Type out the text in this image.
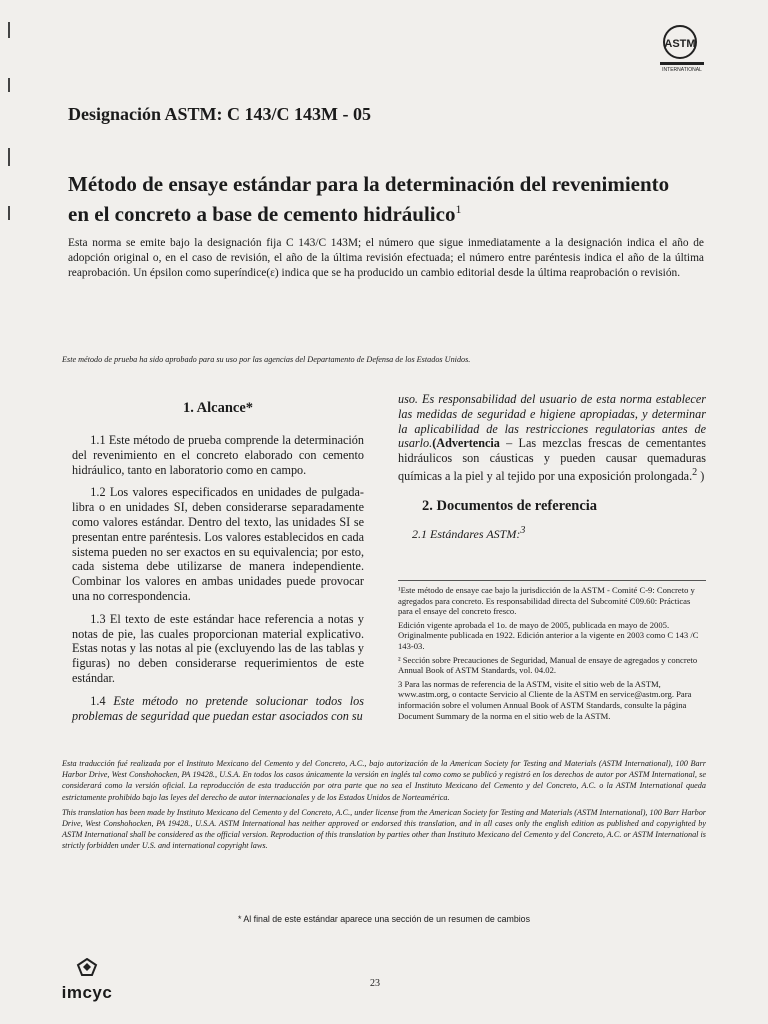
ASTM
INTERNATIONAL
Designación ASTM: C 143/C 143M - 05
Método de ensaye estándar para la determinación del revenimiento en el concreto a base de cemento hidráulico$^1$
Esta norma se emite bajo la designación fija C 143/C 143M; el número que sigue inmediatamente a la designación indica el año de adopción original o, en el caso de revisión, el año de la última revisión efectuada; el número entre paréntesis indica el año de la última reaprobación. Un épsilon como superíndice(ε) indica que se ha producido un cambio editorial desde la última reaprobación o revisión.
Este método de prueba ha sido aprobado para su uso por las agencias del Departamento de Defensa de los Estados Unidos.
1. Alcance*

1.1 Este método de prueba comprende la determinación del revenimiento en el concreto elaborado con cemento hidráulico, tanto en laboratorio como en campo.

1.2 Los valores especificados en unidades de pulgada-libra o en unidades SI, deben considerarse separadamente como valores estándar. Dentro del texto, las unidades SI se presentan entre paréntesis. Los valores establecidos en cada sistema pueden no ser exactos en su equivalencia; por esto, cada sistema debe utilizarse de manera independiente. Combinar los valores en ambas unidades puede provocar una no correspondencia.

1.3 El texto de este estándar hace referencia a notas y notas de pie, las cuales proporcionan material explicativo. Estas notas y las notas al pie (excluyendo las de las tablas y figuras) no deben considerarse requerimientos de este estándar.

1.4 Este método no pretende solucionar todos los problemas de seguridad que puedan estar asociados con su

uso. Es responsabilidad del usuario de esta norma establecer las medidas de seguridad e higiene apropiadas, y determinar la aplicabilidad de las restricciones regulatorias antes de usarlo.(Advertencia – Las mezclas frescas de cementantes hidráulicos son cáusticas y pueden causar quemaduras químicas a la piel y al tejido por una exposición prolongada.$^2$ )

2. Documentos de referencia
2.1 Estándares ASTM:$^3$

¹Este método de ensaye cae bajo la jurisdicción de la ASTM - Comité C-9: Concreto y agregados para concreto. Es responsabilidad directa del Subcomité C09.60: Prácticas para el ensaye del concreto fresco.

Edición vigente aprobada el 1o. de mayo de 2005, publicada en mayo de 2005. Originalmente publicada en 1922. Edición anterior a la vigente en 2003 como C 143 /C 143-03.

² Sección sobre Precauciones de Seguridad, Manual de ensaye de agregados y concreto Annual Book of ASTM Standards, vol. 04.02.

3 Para las normas de referencia de la ASTM, visite el sitio web de la ASTM, www.astm.org, o contacte Servicio al Cliente de la ASTM en service@astm.org. Para información sobre el volumen Annual Book of ASTM Standards, consulte la página Document Summary de la norma en el sitio web de la ASTM.

Esta traducción fué realizada por el Instituto Mexicano del Cemento y del Concreto, A.C., bajo autorización de la American Society for Testing and Materials (ASTM International), 100 Barr Harbor Drive, West Conshohocken, PA 19428., U.S.A. En todos los casos únicamente la versión en inglés tal como como se publicó y registró en los derechos de autor por ASTM International, se considerará como la versión oficial. La reproducción de esta traducción por otra parte que no sea el Instituto Mexicano del Cemento y del Concreto, A.C. o la ASTM International queda estrictamente prohibido bajo las leyes del derecho de autor internacionales y de los Estados Unidos de Norteamérica.

This translation has been made by Instituto Mexicano del Cemento y del Concreto, A.C., under license from the American Society for Testing and Materials (ASTM International), 100 Barr Harbor Drive, West Conshohocken, PA 19428., U.S.A. ASTM International has neither approved or endorsed this translation, and in all cases only the english edition as published and copyrighted by ASTM International shall be considered as the official version. Reproduction of this translation by parties other than Instituto Mexicano del Cemento y del Concreto, A.C. or ASTM International is strictly forbidden under U.S. and international copyright laws.

* Al final de este estándar aparece una sección de un resumen de cambios
imcyc	23
